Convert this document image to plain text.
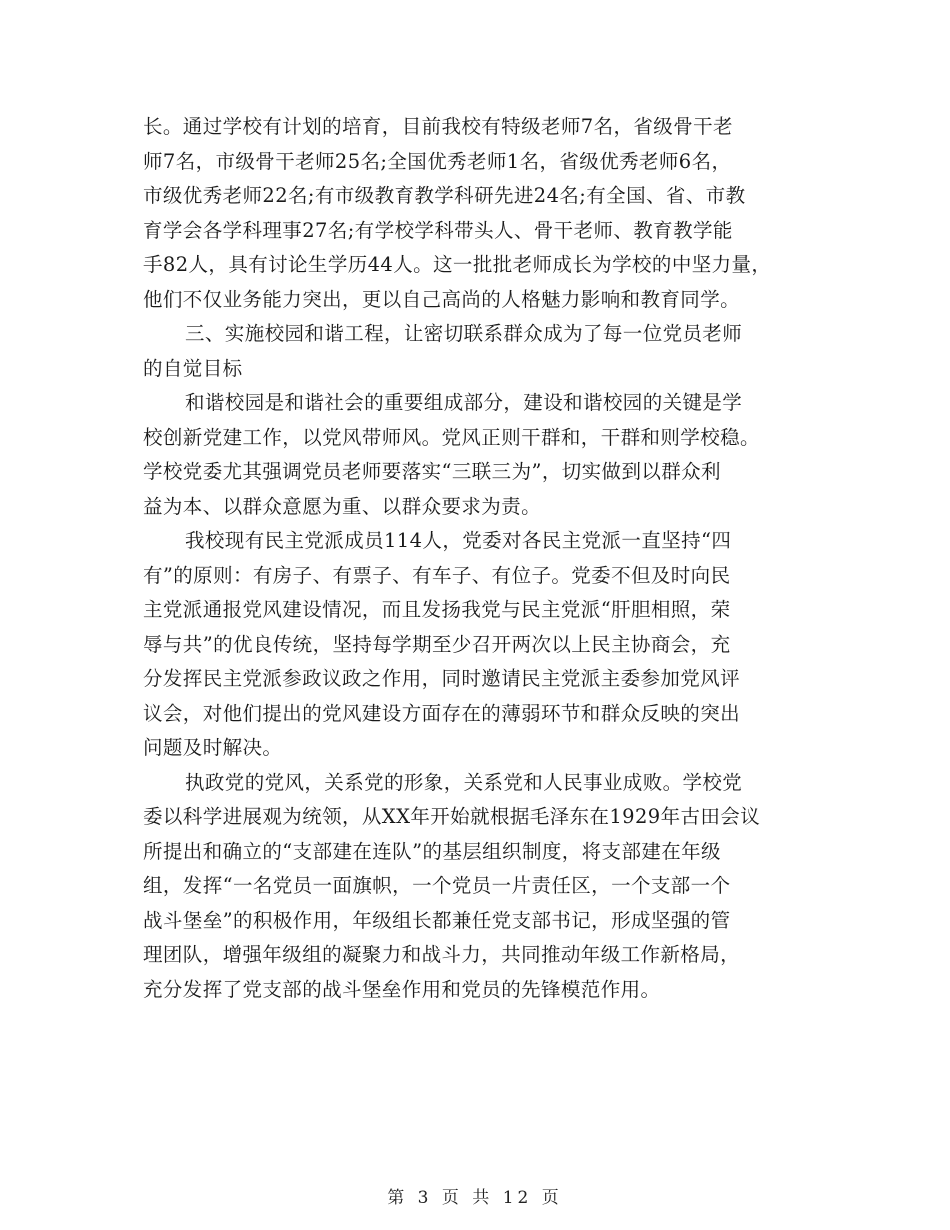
长。通过学校有计划的培育，目前我校有特级老师7名，省级骨干老
师7名，市级骨干老师25名;全国优秀老师1名，省级优秀老师6名，
市级优秀老师22名;有市级教育教学科研先进24名;有全国、省、市教
育学会各学科理事27名;有学校学科带头人、骨干老师、教育教学能
手82人，具有讨论生学历44人。这一批批老师成长为学校的中坚力量，
他们不仅业务能力突出，更以自己高尚的人格魅力影响和教育同学。
三、实施校园和谐工程，让密切联系群众成为了每一位党员老师
的自觉目标
和谐校园是和谐社会的重要组成部分，建设和谐校园的关键是学
校创新党建工作，以党风带师风。党风正则干群和，干群和则学校稳。
学校党委尤其强调党员老师要落实“三联三为”，切实做到以群众利
益为本、以群众意愿为重、以群众要求为责。
我校现有民主党派成员114人，党委对各民主党派一直坚持“四
有”的原则：有房子、有票子、有车子、有位子。党委不但及时向民
主党派通报党风建设情况，而且发扬我党与民主党派“肝胆相照，荣
辱与共”的优良传统，坚持每学期至少召开两次以上民主协商会，充
分发挥民主党派参政议政之作用，同时邀请民主党派主委参加党风评
议会，对他们提出的党风建设方面存在的薄弱环节和群众反映的突出
问题及时解决。
执政党的党风，关系党的形象，关系党和人民事业成败。学校党
委以科学进展观为统领，从XX年开始就根据毛泽东在1929年古田会议
所提出和确立的“支部建在连队”的基层组织制度，将支部建在年级
组，发挥“一名党员一面旗帜，一个党员一片责任区，一个支部一个
战斗堡垒”的积极作用，年级组长都兼任党支部书记，形成坚强的管
理团队，增强年级组的凝聚力和战斗力，共同推动年级工作新格局，
充分发挥了党支部的战斗堡垒作用和党员的先锋模范作用。
第 3 页 共 12 页
